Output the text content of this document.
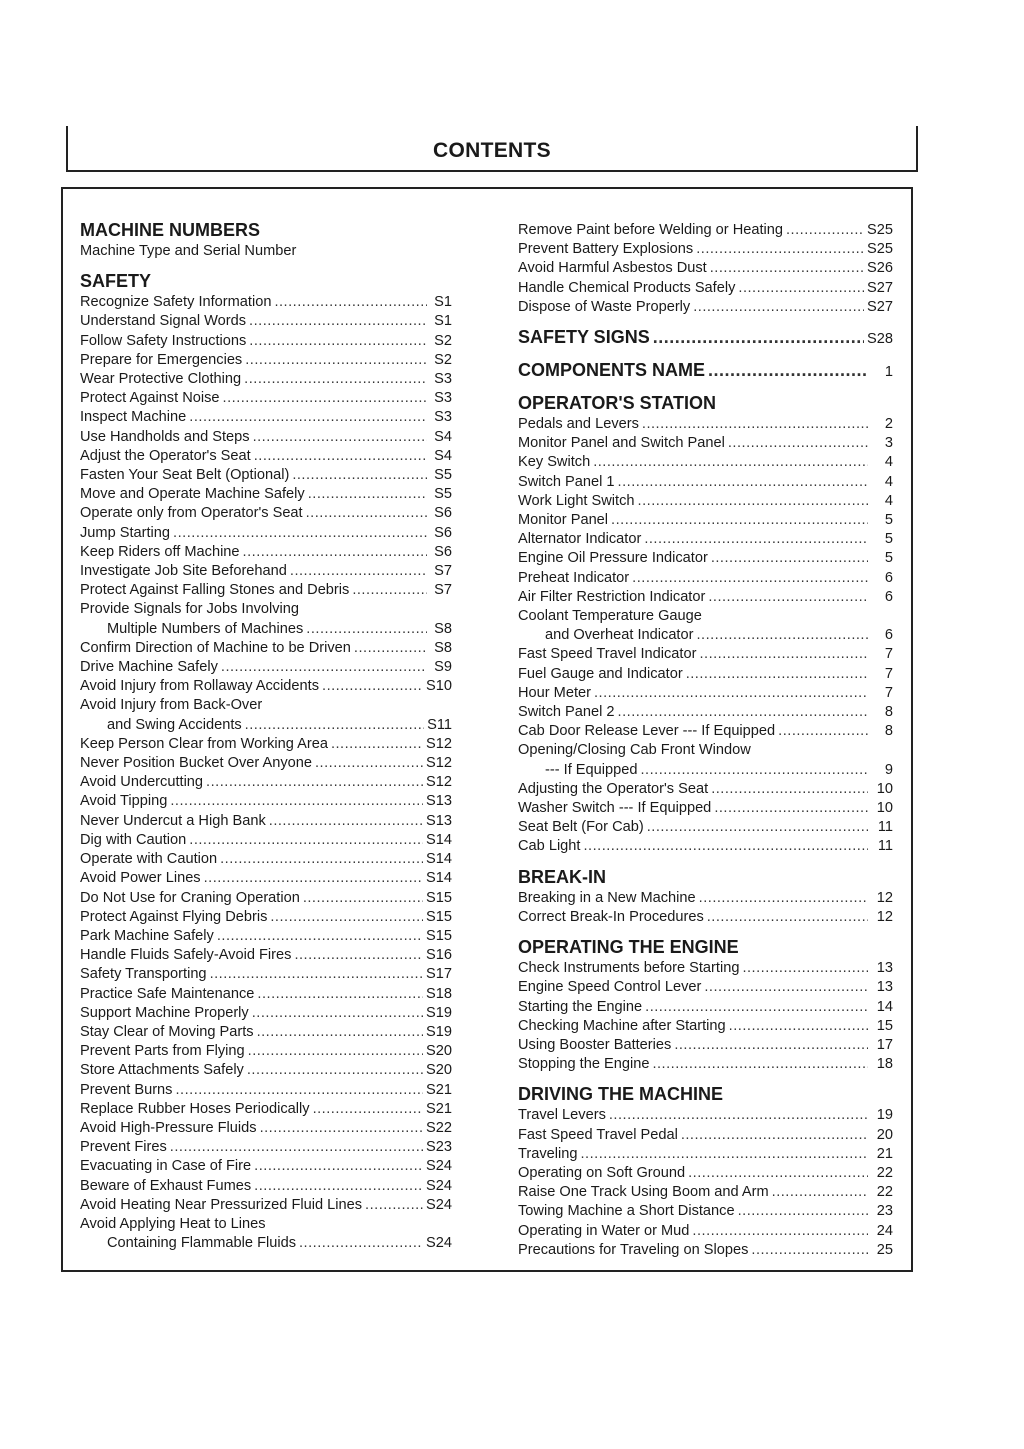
CONTENTS
MACHINE NUMBERS
Machine Type and Serial Number
SAFETY
Recognize Safety Information .....	S1
Understand Signal Words .....	S1
Follow Safety Instructions .....	S2
Prepare for Emergencies .....	S2
Wear Protective Clothing .....	S3
Protect Against Noise .....	S3
Inspect Machine .....	S3
Use Handholds and Steps .....	S4
Adjust the Operator's Seat .....	S4
Fasten Your Seat Belt (Optional) .....	S5
Move and Operate Machine Safely .....	S5
Operate only from Operator's Seat .....	S6
Jump Starting .....	S6
Keep Riders off Machine .....	S6
Investigate Job Site Beforehand .....	S7
Protect Against Falling Stones and Debris .....	S7
Provide Signals for Jobs Involving
Multiple Numbers of Machines .....	S8
Confirm Direction of Machine to be Driven .....	S8
Drive Machine Safely .....	S9
Avoid Injury from Rollaway Accidents .....	S10
Avoid Injury from Back-Over
and Swing Accidents .....	S11
Keep Person Clear from Working Area .....	S12
Never Position Bucket Over Anyone .....	S12
Avoid Undercutting .....	S12
Avoid Tipping .....	S13
Never Undercut a High Bank .....	S13
Dig with Caution .....	S14
Operate with Caution .....	S14
Avoid Power Lines .....	S14
Do Not Use for Craning Operation .....	S15
Protect Against Flying Debris .....	S15
Park Machine Safely .....	S15
Handle Fluids Safely-Avoid Fires .....	S16
Safety Transporting .....	S17
Practice Safe Maintenance .....	S18
Support Machine Properly .....	S19
Stay Clear of Moving Parts .....	S19
Prevent Parts from Flying .....	S20
Store Attachments Safely .....	S20
Prevent Burns .....	S21
Replace Rubber Hoses Periodically .....	S21
Avoid High-Pressure Fluids .....	S22
Prevent Fires .....	S23
Evacuating in Case of Fire .....	S24
Beware of Exhaust Fumes .....	S24
Avoid Heating Near Pressurized Fluid Lines .....	S24
Avoid Applying Heat to Lines
Containing Flammable Fluids .....	S24
Remove Paint before Welding or Heating .....	S25
Prevent Battery Explosions .....	S25
Avoid Harmful Asbestos Dust .....	S26
Handle Chemical Products Safely .....	S27
Dispose of Waste Properly .....	S27
SAFETY SIGNS .....	S28
COMPONENTS NAME .....	1
OPERATOR'S STATION
Pedals and Levers .....	2
Monitor Panel and Switch Panel .....	3
Key Switch .....	4
Switch Panel 1 .....	4
Work Light Switch .....	4
Monitor Panel .....	5
Alternator Indicator .....	5
Engine Oil Pressure Indicator .....	5
Preheat Indicator .....	6
Air Filter Restriction Indicator .....	6
Coolant Temperature Gauge
and Overheat Indicator .....	6
Fast Speed Travel Indicator .....	7
Fuel Gauge and Indicator .....	7
Hour Meter .....	7
Switch Panel 2 .....	8
Cab Door Release Lever --- If Equipped .....	8
Opening/Closing Cab Front Window
--- If Equipped .....	9
Adjusting the Operator's Seat .....	10
Washer Switch --- If Equipped .....	10
Seat Belt (For Cab) .....	11
Cab Light .....	11
BREAK-IN
Breaking in a New Machine .....	12
Correct Break-In Procedures .....	12
OPERATING THE ENGINE
Check Instruments before Starting .....	13
Engine Speed Control Lever .....	13
Starting the Engine .....	14
Checking Machine after Starting .....	15
Using Booster Batteries .....	17
Stopping the Engine .....	18
DRIVING THE MACHINE
Travel Levers .....	19
Fast Speed Travel Pedal .....	20
Traveling .....	21
Operating on Soft Ground .....	22
Raise One Track Using Boom and Arm .....	22
Towing Machine a Short Distance .....	23
Operating in Water or Mud .....	24
Precautions for Traveling on Slopes .....	25
